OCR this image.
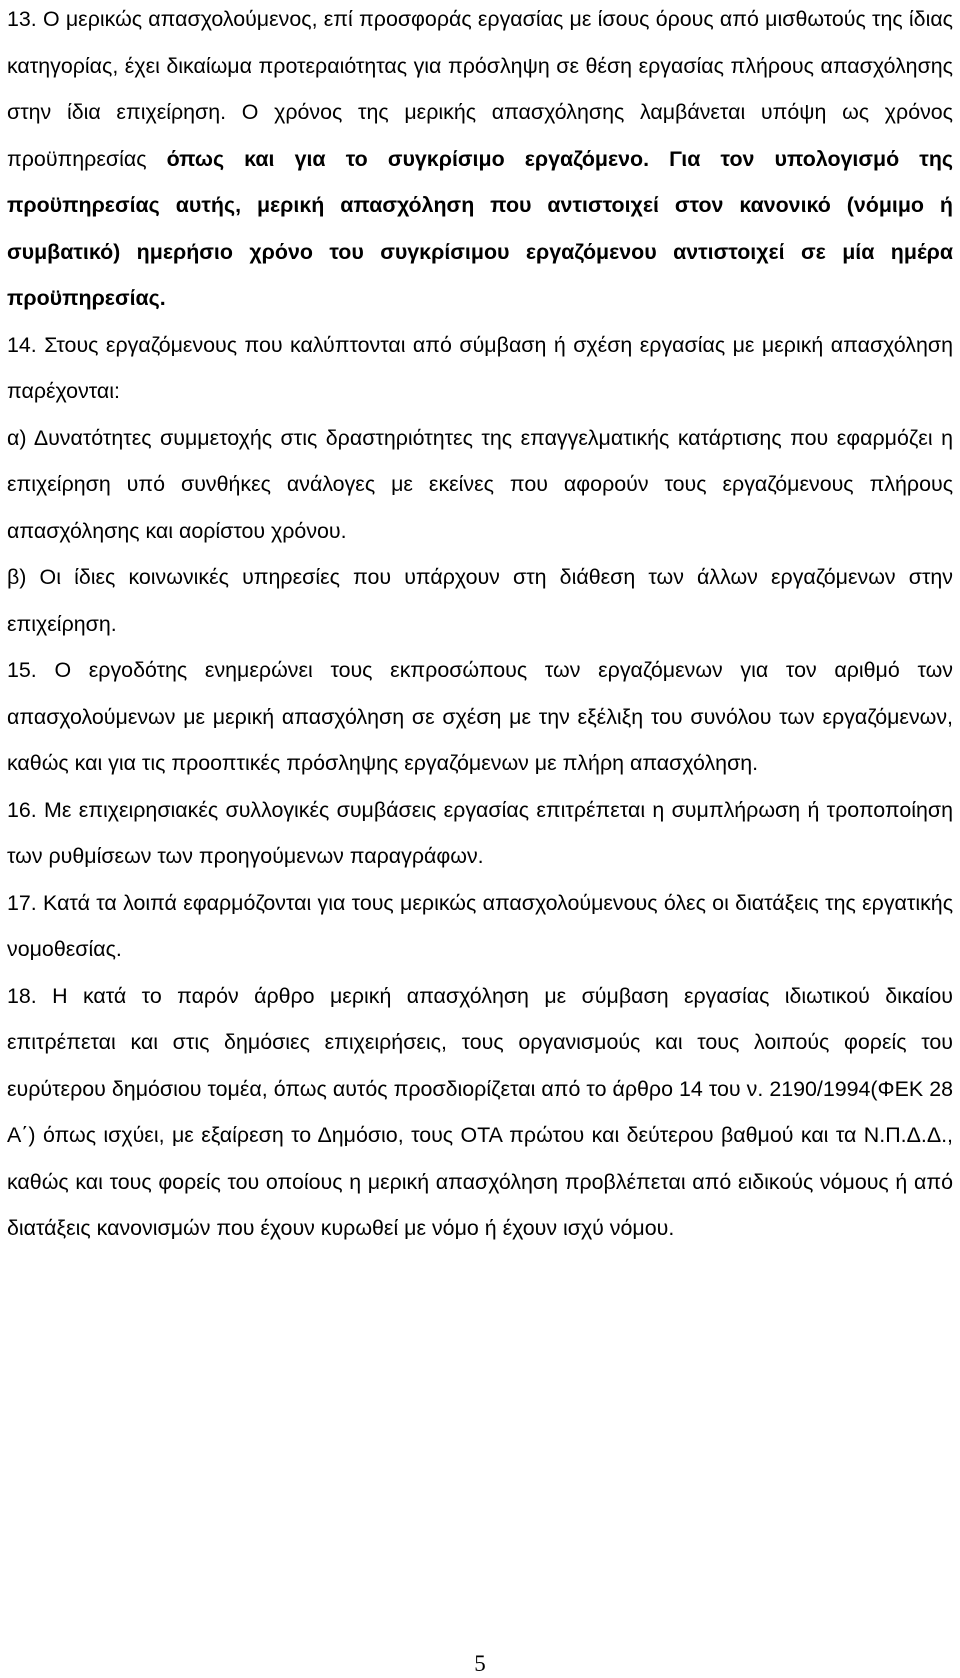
13. Ο μερικώς απασχολούμενος, επί προσφοράς εργασίας με ίσους όρους από μισθωτούς της ίδιας κατηγορίας, έχει δικαίωμα προτεραιότητας για πρόσληψη σε θέση εργασίας πλήρους απασχόλησης στην ίδια επιχείρηση. Ο χρόνος της μερικής απασχόλησης λαμβάνεται υπόψη ως χρόνος προϋπηρεσίας όπως και για το συγκρίσιμο εργαζόμενο. Για τον υπολογισμό της προϋπηρεσίας αυτής, μερική απασχόληση που αντιστοιχεί στον κανονικό (νόμιμο ή συμβατικό) ημερήσιο χρόνο του συγκρίσιμου εργαζόμενου αντιστοιχεί σε μία ημέρα προϋπηρεσίας.

14. Στους εργαζόμενους που καλύπτονται από σύμβαση ή σχέση εργασίας με μερική απασχόληση παρέχονται:

α) Δυνατότητες συμμετοχής στις δραστηριότητες της επαγγελματικής κατάρτισης που εφαρμόζει η επιχείρηση υπό συνθήκες ανάλογες με εκείνες που αφορούν τους εργαζόμενους πλήρους απασχόλησης και αορίστου χρόνου.

β) Οι ίδιες κοινωνικές υπηρεσίες που υπάρχουν στη διάθεση των άλλων εργαζόμενων στην επιχείρηση.

15. Ο εργοδότης ενημερώνει τους εκπροσώπους των εργαζόμενων για τον αριθμό των απασχολούμενων με μερική απασχόληση σε σχέση με την εξέλιξη του συνόλου των εργαζόμενων, καθώς και για τις προοπτικές πρόσληψης εργαζόμενων με πλήρη απασχόληση.

16. Με επιχειρησιακές συλλογικές συμβάσεις εργασίας επιτρέπεται η συμπλήρωση ή τροποποίηση των ρυθμίσεων των προηγούμενων παραγράφων.

17. Κατά τα λοιπά εφαρμόζονται για τους μερικώς απασχολούμενους όλες οι διατάξεις της εργατικής νομοθεσίας.

18. Η κατά το παρόν άρθρο μερική απασχόληση με σύμβαση εργασίας ιδιωτικού δικαίου επιτρέπεται και στις δημόσιες επιχειρήσεις, τους οργανισμούς και τους λοιπούς φορείς του ευρύτερου δημόσιου τομέα, όπως αυτός προσδιορίζεται από το άρθρο 14 του ν. 2190/1994(ΦΕΚ 28 Α΄) όπως ισχύει, με εξαίρεση το Δημόσιο, τους ΟΤΑ πρώτου και δεύτερου βαθμού και τα Ν.Π.Δ.Δ., καθώς και τους φορείς του οποίους η μερική απασχόληση προβλέπεται από ειδικούς νόμους ή από διατάξεις κανονισμών που έχουν κυρωθεί με νόμο ή έχουν ισχύ νόμου.

5
